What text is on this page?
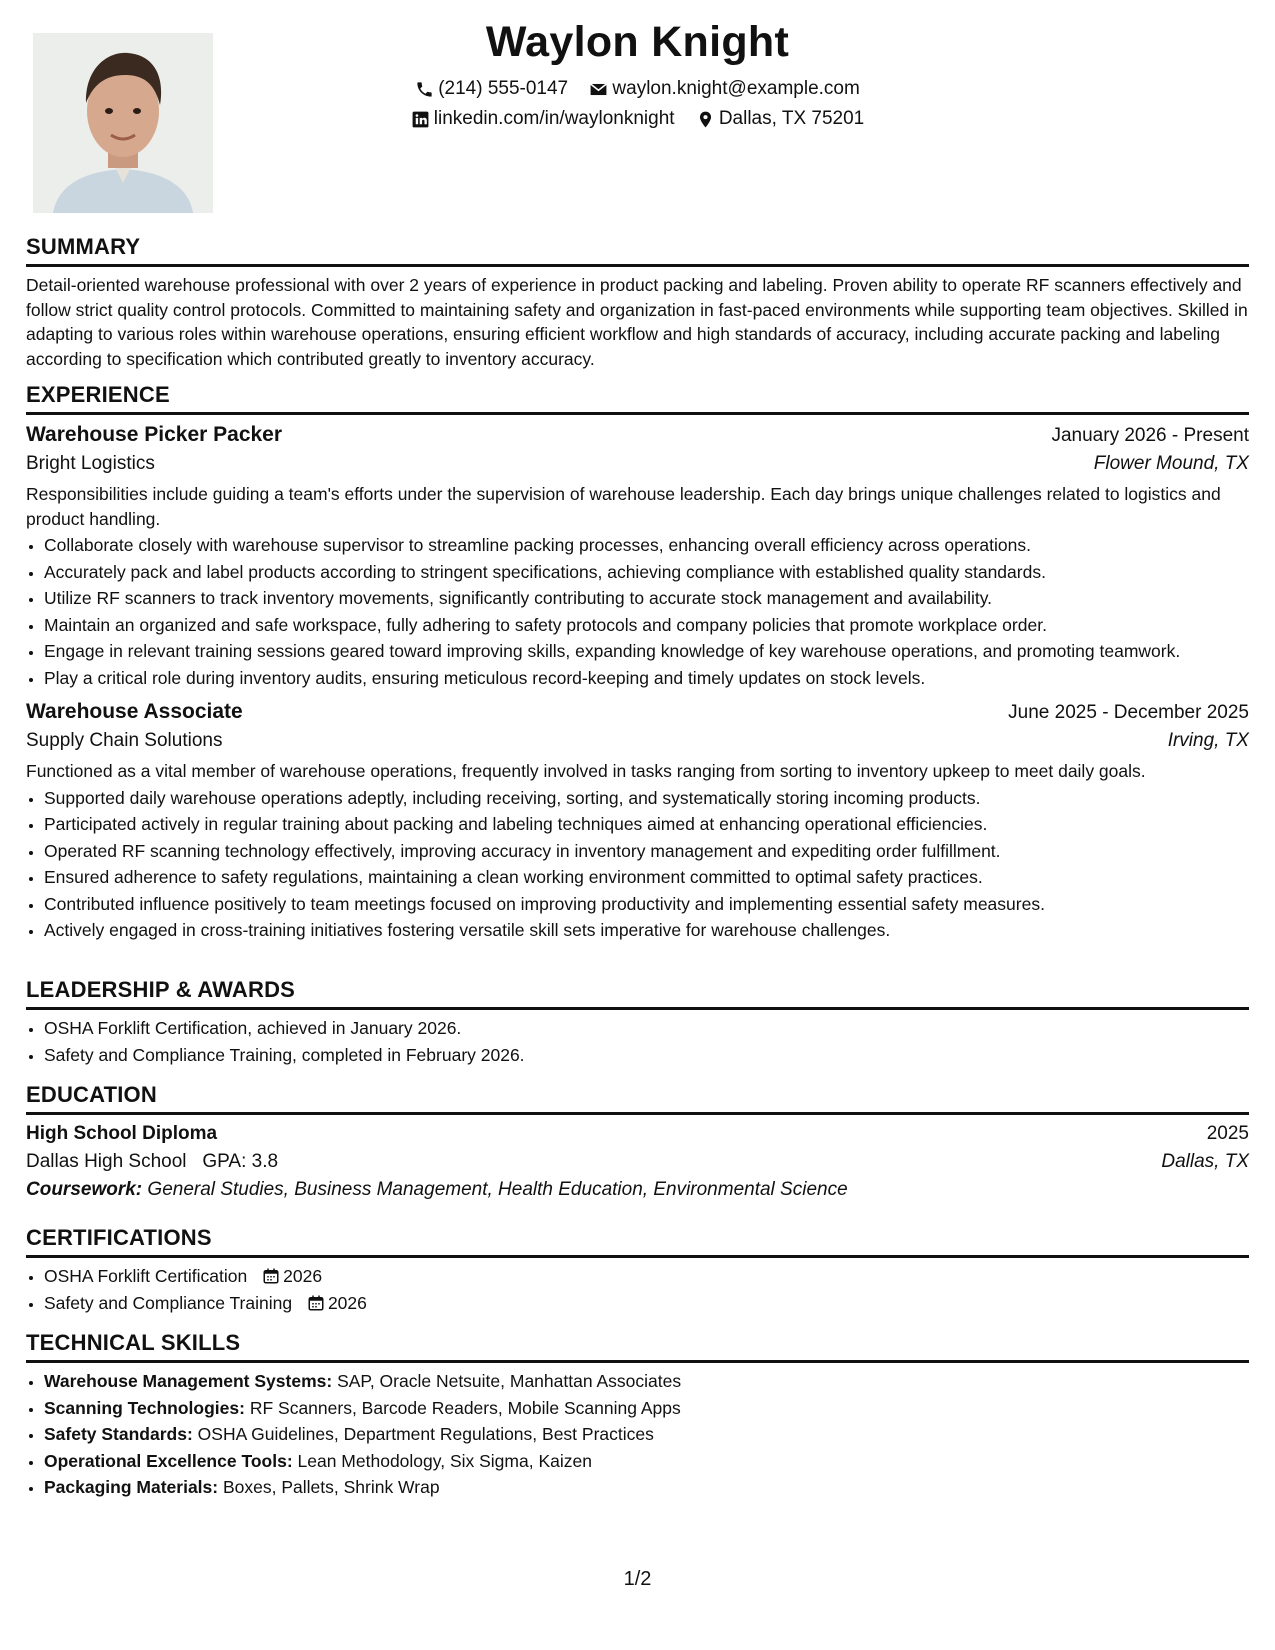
Waylon Knight
(214) 555-0147
waylon.knight@example.com
linkedin.com/in/waylonknight
Dallas, TX 75201
SUMMARY

Detail-oriented warehouse professional with over 2 years of experience in product packing and labeling. Proven ability to operate RF scanners effectively and follow strict quality control protocols. Committed to maintaining safety and organization in fast-paced environments while supporting team objectives. Skilled in adapting to various roles within warehouse operations, ensuring efficient workflow and high standards of accuracy, including accurate packing and labeling according to specification which contributed greatly to inventory accuracy.

EXPERIENCE
Warehouse Picker Packer	January 2026 - Present
Bright Logistics	Flower Mound, TX

Responsibilities include guiding a team's efforts under the supervision of warehouse leadership. Each day brings unique challenges related to logistics and product handling.

• Collaborate closely with warehouse supervisor to streamline packing processes, enhancing overall efficiency across operations.
• Accurately pack and label products according to stringent specifications, achieving compliance with established quality standards.
• Utilize RF scanners to track inventory movements, significantly contributing to accurate stock management and availability.
• Maintain an organized and safe workspace, fully adhering to safety protocols and company policies that promote workplace order.
• Engage in relevant training sessions geared toward improving skills, expanding knowledge of key warehouse operations, and promoting teamwork.
• Play a critical role during inventory audits, ensuring meticulous record-keeping and timely updates on stock levels.
Warehouse Associate	June 2025 - December 2025
Supply Chain Solutions	Irving, TX

Functioned as a vital member of warehouse operations, frequently involved in tasks ranging from sorting to inventory upkeep to meet daily goals.

• Supported daily warehouse operations adeptly, including receiving, sorting, and systematically storing incoming products.
• Participated actively in regular training about packing and labeling techniques aimed at enhancing operational efficiencies.
• Operated RF scanning technology effectively, improving accuracy in inventory management and expediting order fulfillment.
• Ensured adherence to safety regulations, maintaining a clean working environment committed to optimal safety practices.
• Contributed influence positively to team meetings focused on improving productivity and implementing essential safety measures.
• Actively engaged in cross-training initiatives fostering versatile skill sets imperative for warehouse challenges.
LEADERSHIP & AWARDS
• OSHA Forklift Certification, achieved in January 2026.
• Safety and Compliance Training, completed in February 2026.
EDUCATION
High School Diploma	2025
Dallas High School GPA: 3.8	Dallas, TX
Coursework: General Studies, Business Management, Health Education, Environmental Science
CERTIFICATIONS
• OSHA Forklift Certification 2026
• Safety and Compliance Training 2026
TECHNICAL SKILLS
• Warehouse Management Systems: SAP, Oracle Netsuite, Manhattan Associates
• Scanning Technologies: RF Scanners, Barcode Readers, Mobile Scanning Apps
• Safety Standards: OSHA Guidelines, Department Regulations, Best Practices
• Operational Excellence Tools: Lean Methodology, Six Sigma, Kaizen
• Packaging Materials: Boxes, Pallets, Shrink Wrap
1/2
